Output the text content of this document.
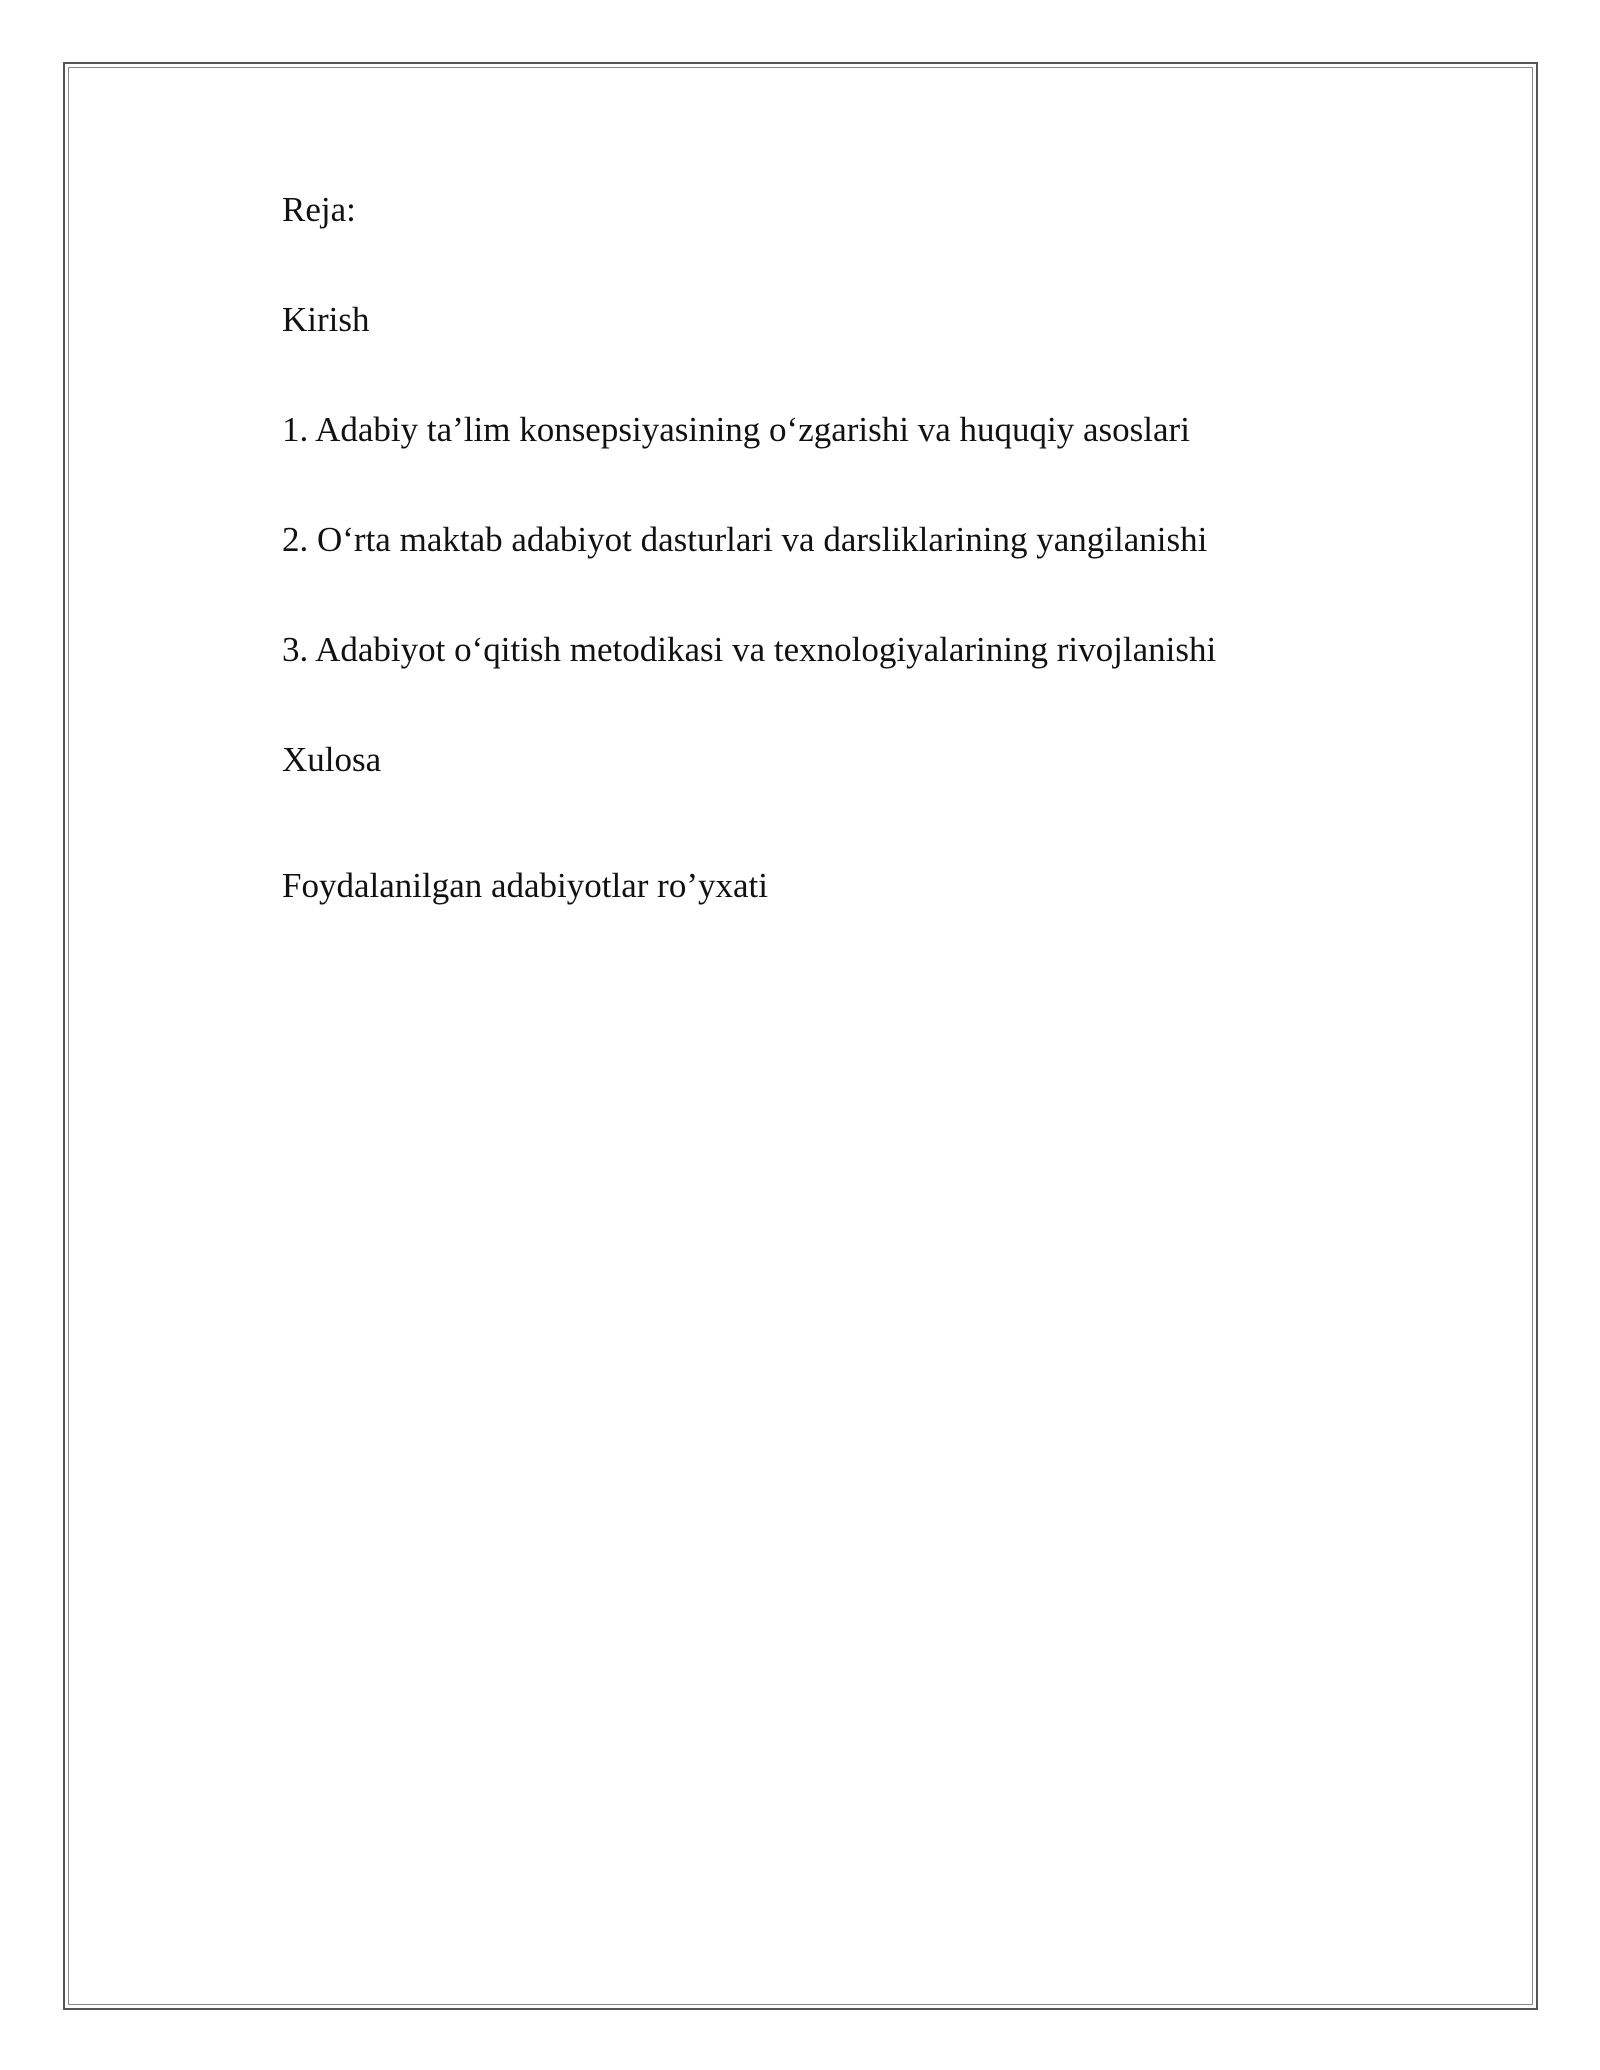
Reja:

Kirish

1. Adabiy ta’lim konsepsiyasining o‘zgarishi va huquqiy asoslari

2. O‘rta maktab adabiyot dasturlari va darsliklarining yangilanishi

3. Adabiyot o‘qitish metodikasi va texnologiyalarining rivojlanishi

Xulosa

Foydalanilgan adabiyotlar ro’yxati
